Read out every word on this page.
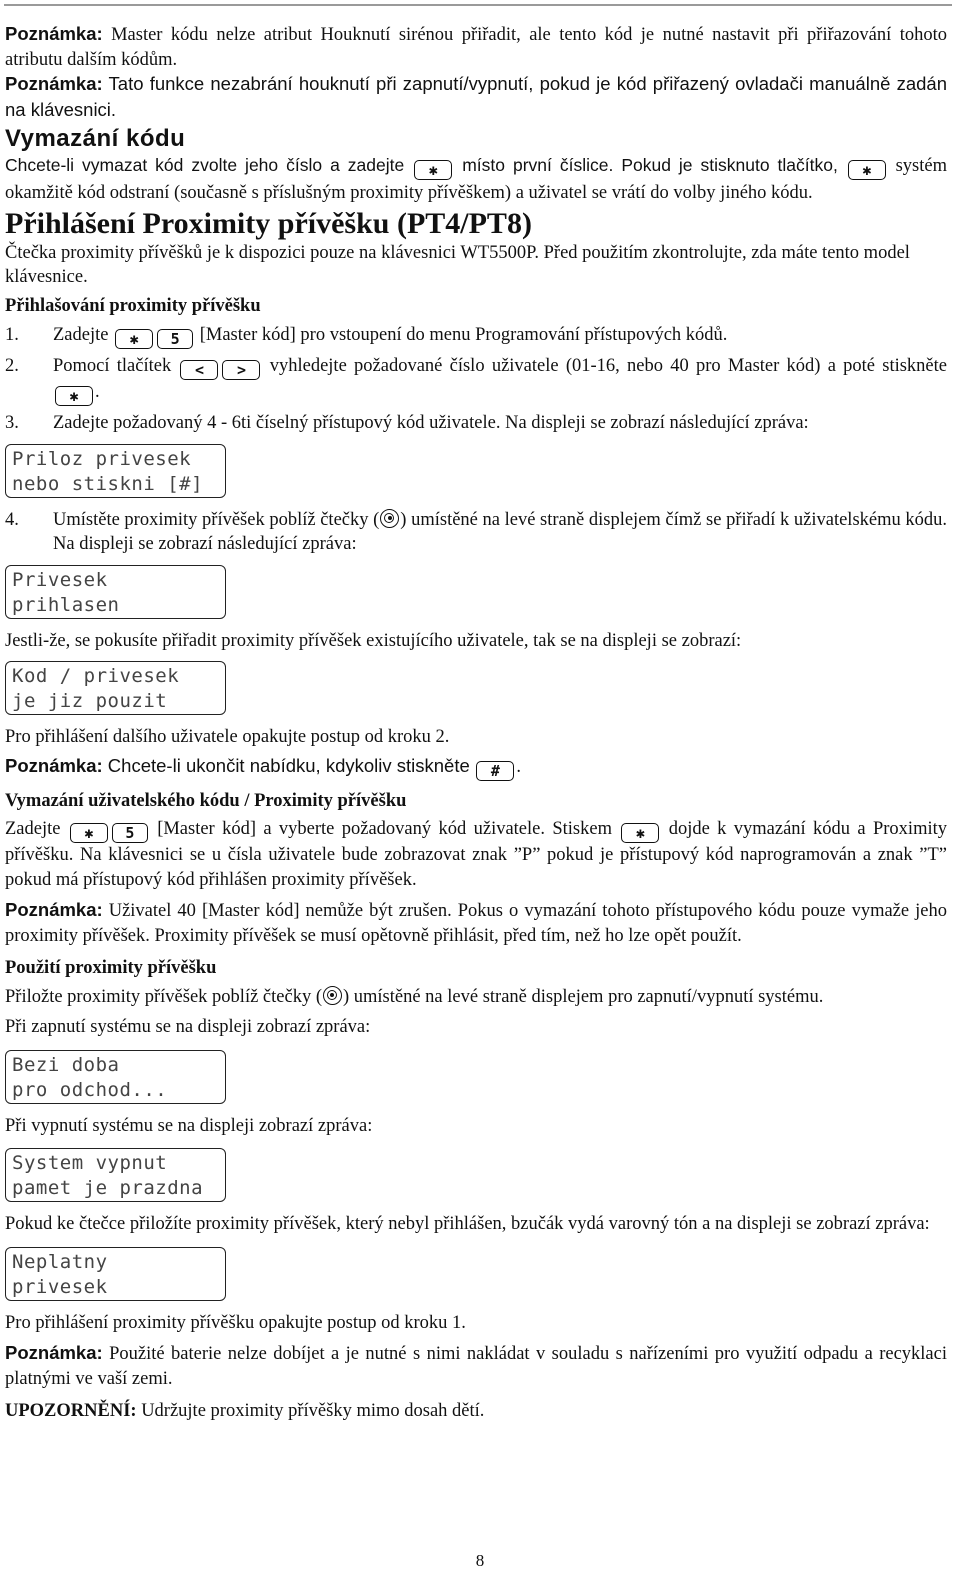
Poznámka: Master kódu nelze atribut Houknutí sirénou přiřadit, ale tento kód je nutné nastavit při přiřazování tohoto atributu dalším kódům.

Poznámka: Tato funkce nezabrání houknutí při zapnutí/vypnutí, pokud je kód přiřazený ovladači manuálně zadán na klávesnici.

Vymazání kódu

Chcete-li vymazat kód zvolte jeho číslo a zadejte ✱ místo první číslice. Pokud je stisknuto tlačítko, ✱ systém okamžitě kód odstraní (současně s příslušným proximity přívěškem) a uživatel se vrátí do volby jiného kódu.

Přihlášení Proximity přívěšku (PT4/PT8)

Čtečka proximity přívěšků je k dispozici pouze na klávesnici WT5500P. Před použitím zkontrolujte, zda máte tento model klávesnice.

Přihlašování proximity přívěšku
1.	Zadejte ✱ 5 [Master kód] pro vstoupení do menu Programování přístupových kódů.
2.	Pomocí tlačítek < > vyhledejte požadované číslo uživatele (01-16, nebo 40 pro Master kód) a poté stiskněte ✱ .
3.	Zadejte požadovaný 4 - 6ti číselný přístupový kód uživatele. Na displeji se zobrazí následující zpráva:
Priloz privesek
nebo stiskni [#]
4.	Umístěte proximity přívěšek poblíž čtečky ( ) umístěné na levé straně displejem čímž se přiřadí k uživatelskému kódu. Na displeji se zobrazí následující zpráva:
Privesek
prihlasen

Jestli-že, se pokusíte přiřadit proximity přívěšek existujícího uživatele, tak se na displeji se zobrazí:

Kod / privesek
je jiz pouzit

Pro přihlášení dalšího uživatele opakujte postup od kroku 2.

Poznámka: Chcete-li ukončit nabídku, kdykoliv stiskněte # .

Vymazání uživatelského kódu / Proximity přívěšku

Zadejte ✱ 5 [Master kód] a vyberte požadovaný kód uživatele. Stiskem ✱ dojde k vymazání kódu a Proximity přívěšku. Na klávesnici se u čísla uživatele bude zobrazovat znak ”P” pokud je přístupový kód naprogramován a znak ”T” pokud má přístupový kód přihlášen proximity přívěšek.

Poznámka: Uživatel 40 [Master kód] nemůže být zrušen. Pokus o vymazání tohoto přístupového kódu pouze vymaže jeho proximity přívěšek. Proximity přívěšek se musí opětovně přihlásit, před tím, než ho lze opět použít.

Použití proximity přívěšku

Přiložte proximity přívěšek poblíž čtečky ( ) umístěné na levé straně displejem pro zapnutí/vypnutí systému.

Při zapnutí systému se na displeji zobrazí zpráva:

Bezi doba
pro odchod...

Při vypnutí systému se na displeji zobrazí zpráva:

System vypnut
pamet je prazdna

Pokud ke čtečce přiložíte proximity přívěšek, který nebyl přihlášen, bzučák vydá varovný tón a na displeji se zobrazí zpráva:

Neplatny
privesek

Pro přihlášení proximity přívěšku opakujte postup od kroku 1.

Poznámka: Použité baterie nelze dobíjet a je nutné s nimi nakládat v souladu s nařízeními pro využití odpadu a recyklaci platnými ve vaší zemi.

UPOZORNĚNÍ: Udržujte proximity přívěšky mimo dosah dětí.

8
